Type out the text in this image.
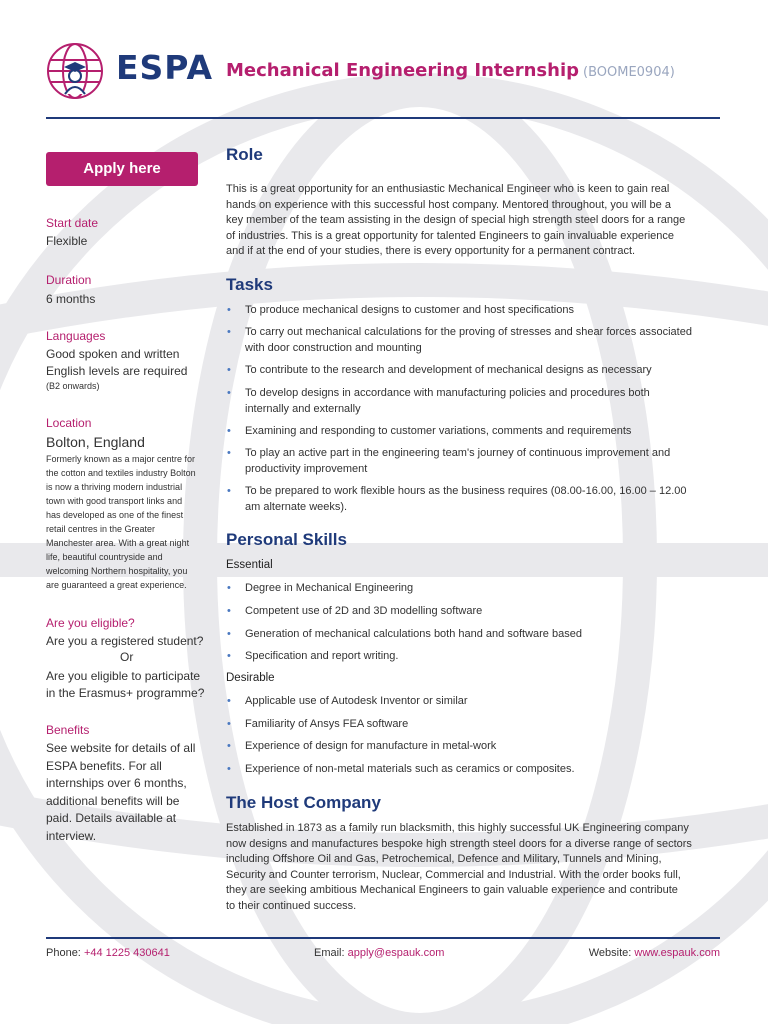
ESPA Mechanical Engineering Internship (BOOME0904)
Apply here
Start date
Flexible
Duration
6 months
Languages
Good spoken and written
English levels are required
(B2 onwards)
Location
Bolton, England
Formerly known as a major centre for
the cotton and textiles industry Bolton
is now a thriving modern industrial
town with good transport links and
has developed as one of the finest
retail centres in the Greater
Manchester area. With a great night
life, beautiful countryside and
welcoming Northern hospitality, you
are guaranteed a great experience.
Are you eligible?
Are you a registered student?
Or
Are you eligible to participate
in the Erasmus+ programme?
Benefits
See website for details of all
ESPA benefits. For all
internships over 6 months,
additional benefits will be
paid. Details available at
interview.
Role
This is a great opportunity for an enthusiastic Mechanical Engineer who is keen to gain real
hands on experience with this successful host company. Mentored throughout, you will be a
key member of the team assisting in the design of special high strength steel doors for a range
of industries. This is a great opportunity for talented Engineers to gain invaluable experience
and if at the end of your studies, there is every opportunity for a permanent contract.
Tasks
• To produce mechanical designs to customer and host specifications
• To carry out mechanical calculations for the proving of stresses and shear forces associated
with door construction and mounting
• To contribute to the research and development of mechanical designs as necessary
• To develop designs in accordance with manufacturing policies and procedures both
internally and externally
• Examining and responding to customer variations, comments and requirements
• To play an active part in the engineering team's journey of continuous improvement and
productivity improvement
• To be prepared to work flexible hours as the business requires (08.00-16.00, 16.00 – 12.00
am alternate weeks).
Personal Skills
Essential
• Degree in Mechanical Engineering
• Competent use of 2D and 3D modelling software
• Generation of mechanical calculations both hand and software based
• Specification and report writing.
Desirable
• Applicable use of Autodesk Inventor or similar
• Familiarity of Ansys FEA software
• Experience of design for manufacture in metal-work
• Experience of non-metal materials such as ceramics or composites.
The Host Company
Established in 1873 as a family run blacksmith, this highly successful UK Engineering company
now designs and manufactures bespoke high strength steel doors for a diverse range of sectors
including Offshore Oil and Gas, Petrochemical, Defence and Military, Tunnels and Mining,
Security and Counter terrorism, Nuclear, Commercial and Industrial. With the order books full,
they are seeking ambitious Mechanical Engineers to gain valuable experience and contribute
to their continued success.
Phone: +44 1225 430641	Email: apply@espauk.com	Website: www.espauk.com
